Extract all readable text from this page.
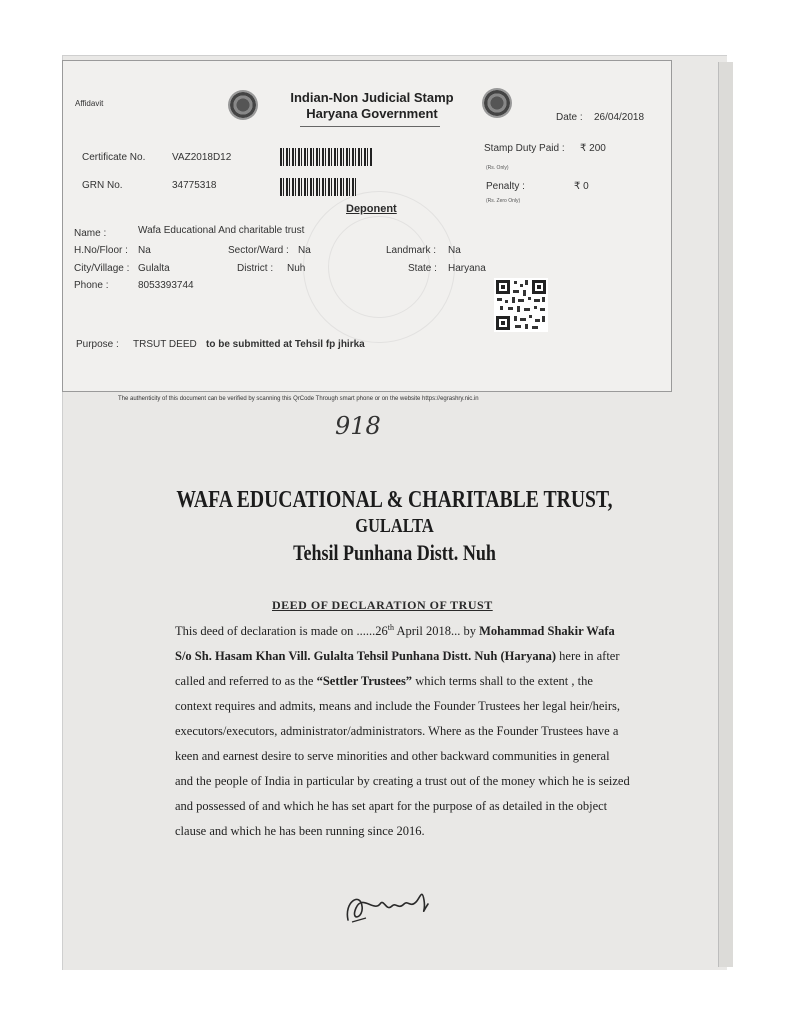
Affidavit	Indian-Non Judicial Stamp
Haryana Government	Date : 26/04/2018
Certificate No.	VAZ2018D12
GRN No.	34775318
Stamp Duty Paid : ₹ 200
(Rs. Only)
Penalty :	₹ 0
(Rs. Zero Only)
Deponent
Name :	Wafa Educational And charitable trust
H.No/Floor : Na	Sector/Ward : Na	Landmark : Na
City/Village : Gulalta	District : Nuh	State : Haryana
Phone :	8053393744
Purpose : TRSUT DEED to be submitted at Tehsil fp jhirka
The authenticity of this document can be verified by scanning this QrCode Through smart phone or on the website https://egrashry.nic.in
918
WAFA EDUCATIONAL & CHARITABLE TRUST,
GULALTA
Tehsil Punhana Distt. Nuh
DEED OF DECLARATION OF TRUST
This deed of declaration is made on ......26th April 2018... by Mohammad Shakir Wafa S/o Sh. Hasam Khan Vill. Gulalta Tehsil Punhana Distt. Nuh (Haryana) here in after called and referred to as the “Settler Trustees” which terms shall to the extent , the context requires and admits, means and include the Founder Trustees her legal heir/heirs, executors/executors, administrator/administrators. Where as the Founder Trustees have a keen and earnest desire to serve minorities and other backward communities in general and the people of India in particular by creating a trust out of the money which he is seized and possessed of and which he has set apart for the purpose of as detailed in the object clause and which he has been running since 2016.
